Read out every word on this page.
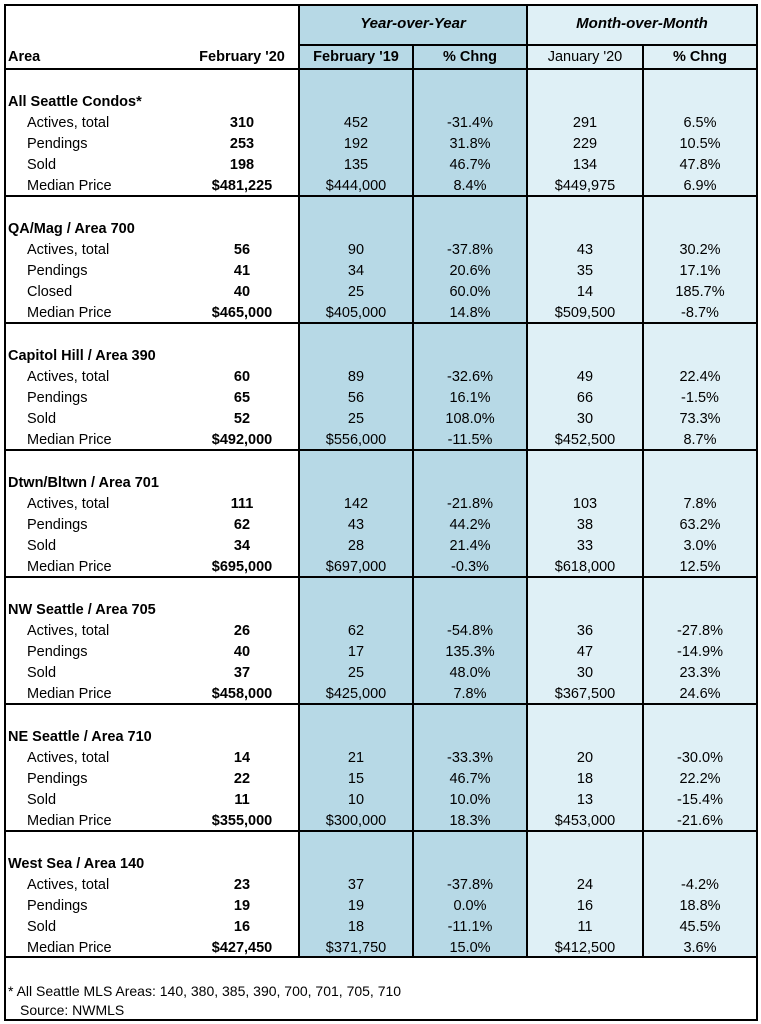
Year-over-Year	Month-over-Month
Area	February '20	February '19	% Chng	January '20	% Chng
All Seattle Condos*
Actives, total	310	452	-31.4%	291	6.5%
Pendings	253	192	31.8%	229	10.5%
Sold	198	135	46.7%	134	47.8%
Median Price	$481,225	$444,000	8.4%	$449,975	6.9%
QA/Mag / Area 700
Actives, total	56	90	-37.8%	43	30.2%
Pendings	41	34	20.6%	35	17.1%
Closed	40	25	60.0%	14	185.7%
Median Price	$465,000	$405,000	14.8%	$509,500	-8.7%
Capitol Hill / Area 390
Actives, total	60	89	-32.6%	49	22.4%
Pendings	65	56	16.1%	66	-1.5%
Sold	52	25	108.0%	30	73.3%
Median Price	$492,000	$556,000	-11.5%	$452,500	8.7%
Dtwn/Bltwn / Area 701
Actives, total	111	142	-21.8%	103	7.8%
Pendings	62	43	44.2%	38	63.2%
Sold	34	28	21.4%	33	3.0%
Median Price	$695,000	$697,000	-0.3%	$618,000	12.5%
NW Seattle / Area 705
Actives, total	26	62	-54.8%	36	-27.8%
Pendings	40	17	135.3%	47	-14.9%
Sold	37	25	48.0%	30	23.3%
Median Price	$458,000	$425,000	7.8%	$367,500	24.6%
NE Seattle / Area 710
Actives, total	14	21	-33.3%	20	-30.0%
Pendings	22	15	46.7%	18	22.2%
Sold	11	10	10.0%	13	-15.4%
Median Price	$355,000	$300,000	18.3%	$453,000	-21.6%
West Sea / Area 140
Actives, total	23	37	-37.8%	24	-4.2%
Pendings	19	19	0.0%	16	18.8%
Sold	16	18	-11.1%	11	45.5%
Median Price	$427,450	$371,750	15.0%	$412,500	3.6%
* All Seattle MLS Areas: 140, 380, 385, 390, 700, 701, 705, 710
Source: NWMLS
